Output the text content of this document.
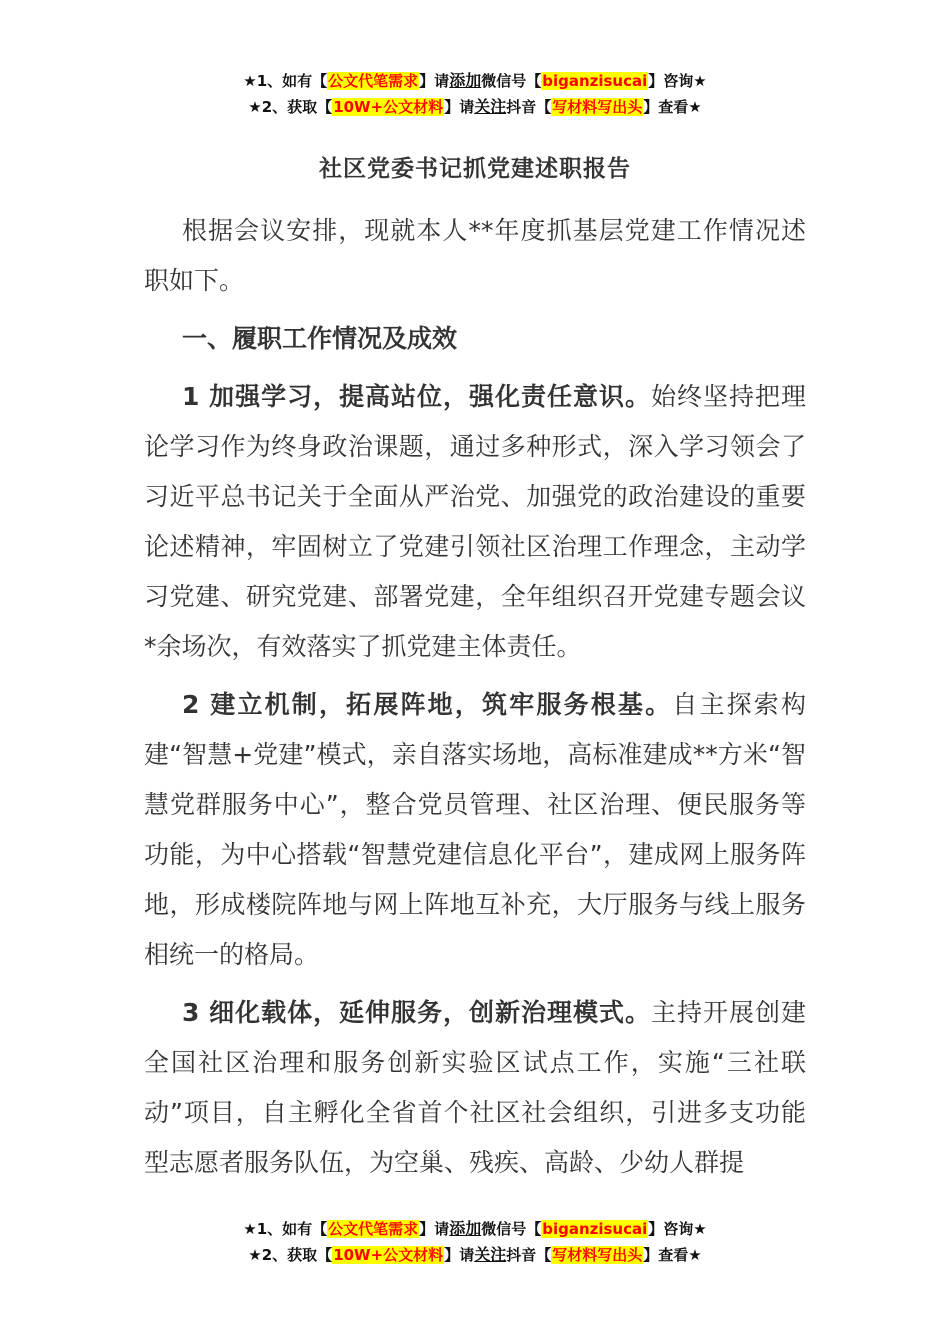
★1、如有【公文代笔需求】请添加微信号【biganzisucai】咨询★
★2、获取【10W+公文材料】请关注抖音【写材料写出头】查看★
社区党委书记抓党建述职报告

根据会议安排，现就本人**年度抓基层党建工作情况述职如下。

一、履职工作情况及成效

1 加强学习，提高站位，强化责任意识。始终坚持把理论学习作为终身政治课题，通过多种形式，深入学习领会了习近平总书记关于全面从严治党、加强党的政治建设的重要论述精神，牢固树立了党建引领社区治理工作理念，主动学习党建、研究党建、部署党建，全年组织召开党建专题会议*余场次，有效落实了抓党建主体责任。

2 建立机制，拓展阵地，筑牢服务根基。自主探索构建“智慧+党建”模式，亲自落实场地，高标准建成**方米“智慧党群服务中心”，整合党员管理、社区治理、便民服务等功能，为中心搭载“智慧党建信息化平台”，建成网上服务阵地，形成楼院阵地与网上阵地互补充，大厅服务与线上服务相统一的格局。

3 细化载体，延伸服务，创新治理模式。主持开展创建全国社区治理和服务创新实验区试点工作，实施“三社联动”项目，自主孵化全省首个社区社会组织，引进多支功能型志愿者服务队伍，为空巢、残疾、高龄、少幼人群提

★1、如有【公文代笔需求】请添加微信号【biganzisucai】咨询★
★2、获取【10W+公文材料】请关注抖音【写材料写出头】查看★
